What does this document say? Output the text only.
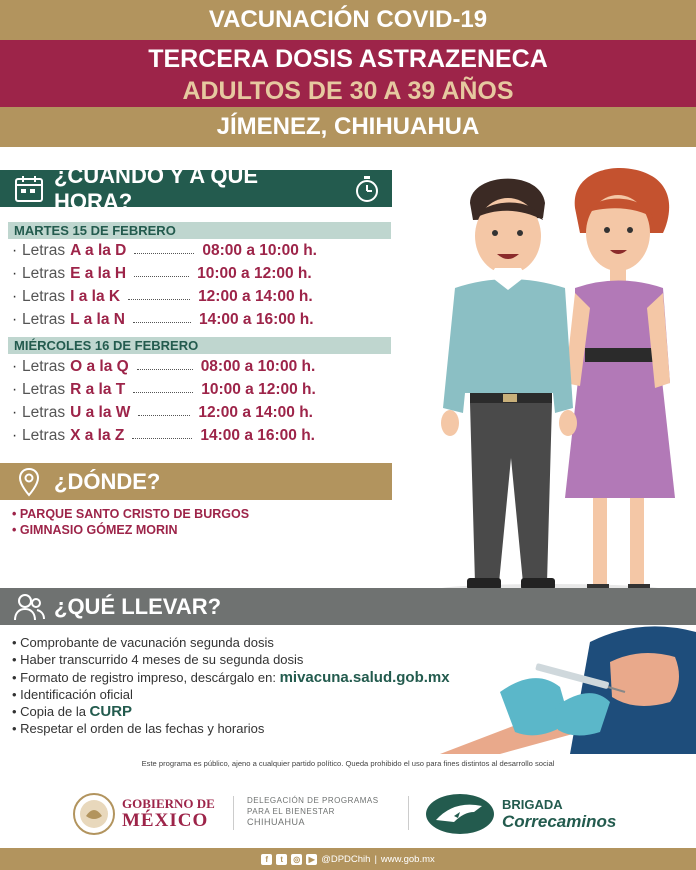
VACUNACIÓN COVID-19
TERCERA DOSIS ASTRAZENECA
ADULTOS DE 30 A 39 AÑOS
JÍMENEZ, CHIHUAHUA
¿CUÁNDO Y A QUÉ HORA?
MARTES 15 DE FEBRERO
· Letras A a la D	08:00 a 10:00 h.
· Letras E a la H	10:00 a 12:00 h.
· Letras I a la K	12:00 a 14:00 h.
· Letras L a la N	14:00 a 16:00 h.
MIÉRCOLES 16 DE FEBRERO
· Letras O a la Q	08:00 a 10:00 h.
· Letras R a la T	10:00 a 12:00 h.
· Letras U a la W	12:00 a 14:00 h.
· Letras X a la Z	14:00 a 16:00 h.
¿DÓNDE?
• PARQUE SANTO CRISTO DE BURGOS
• GIMNASIO GÓMEZ MORIN
¿QUÉ LLEVAR?
• Comprobante de vacunación segunda dosis
• Haber transcurrido 4 meses de su segunda dosis
• Formato de registro impreso, descárgalo en: mivacuna.salud.gob.mx
• Identificación oficial
• Copia de la CURP
• Respetar el orden de las fechas y horarios
Este programa es público, ajeno a cualquier partido político. Queda prohibido el uso para fines distintos al desarrollo social
GOBIERNO DE
MÉXICO
DELEGACIÓN DE PROGRAMAS
PARA EL BIENESTAR
CHIHUAHUA
BRIGADA
Correcaminos
f	t	◎	▶ @DPDChih | www.gob.mx
